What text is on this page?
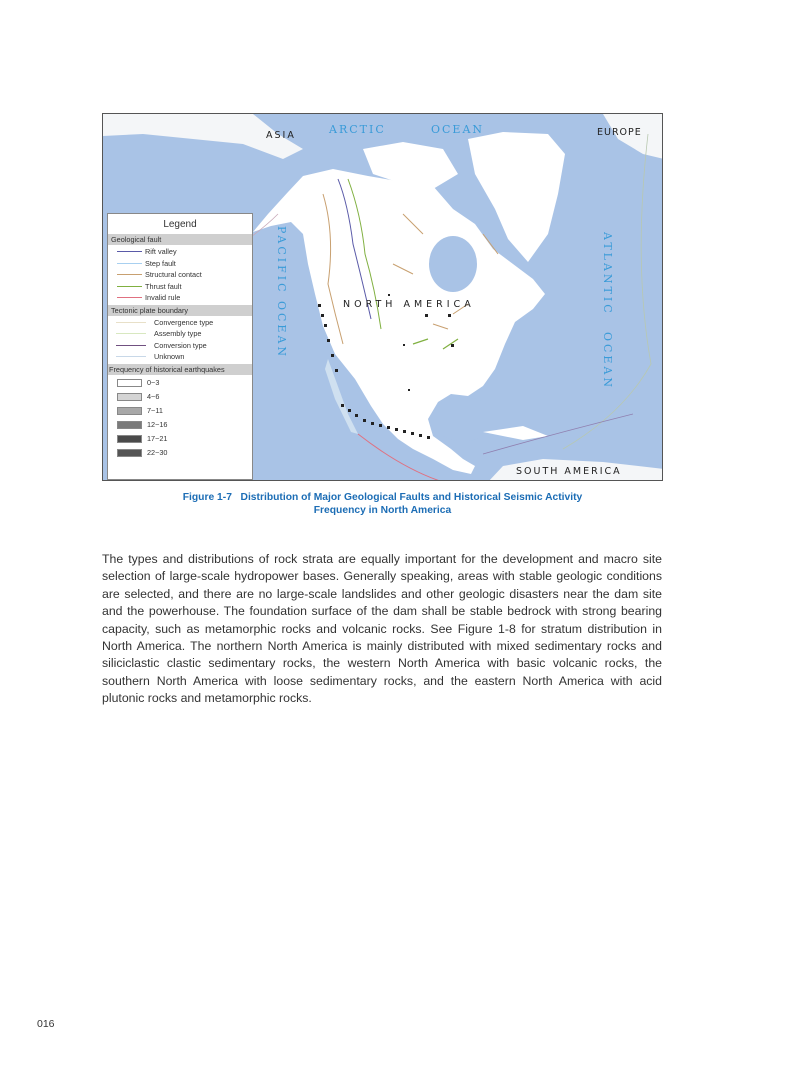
ASIA	ARCTIC	OCEAN	EUROPE
PACIFIC OCEAN	ATLANTIC
OCEAN
NORTH AMERICA
SOUTH AMERICA
Legend
Geological fault
Rift valley
Step fault
Structural contact
Thrust fault
Invalid rule
Tectonic plate boundary
Convergence type
Assembly type
Conversion type
Unknown
Frequency of historical earthquakes
0~3
4~6
7~11
12~16
17~21
22~30
Figure 1-7   Distribution of Major Geological Faults and Historical Seismic Activity
Frequency in North America
The types and distributions of rock strata are equally important for the development and macro site selection of large-scale hydropower bases. Generally speaking, areas with stable geologic conditions are selected, and there are no large-scale landslides and other geologic disasters near the dam site and the powerhouse. The foundation surface of the dam shall be stable bedrock with strong bearing capacity, such as metamorphic rocks and volcanic rocks. See Figure 1-8 for stratum distribution in North America. The northern North America is mainly distributed with mixed sedimentary rocks and siliciclastic clastic sedimentary rocks, the western North America with basic volcanic rocks, the southern North America with loose sedimentary rocks, and the eastern North America with acid plutonic rocks and metamorphic rocks.
016
